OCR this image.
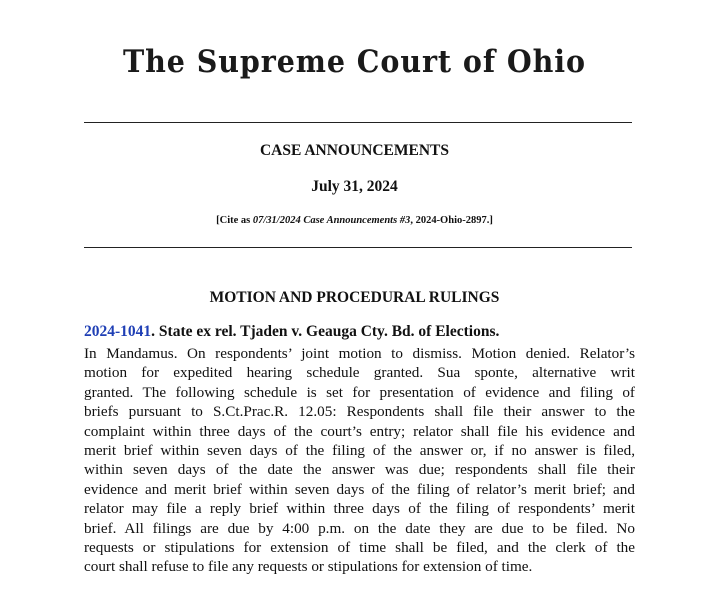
The Supreme Court of Ohio
CASE ANNOUNCEMENTS
July 31, 2024
[Cite as 07/31/2024 Case Announcements #3, 2024-Ohio-2897.]
MOTION AND PROCEDURAL RULINGS
2024-1041. State ex rel. Tjaden v. Geauga Cty. Bd. of Elections.
In Mandamus. On respondents’ joint motion to dismiss. Motion denied. Relator’s
motion for expedited hearing schedule granted. Sua sponte, alternative writ
granted. The following schedule is set for presentation of evidence and filing of
briefs pursuant to S.Ct.Prac.R. 12.05: Respondents shall file their answer to the
complaint within three days of the court’s entry; relator shall file his evidence and
merit brief within seven days of the filing of the answer or, if no answer is filed,
within seven days of the date the answer was due; respondents shall file their
evidence and merit brief within seven days of the filing of relator’s merit brief; and
relator may file a reply brief within three days of the filing of respondents’ merit
brief. All filings are due by 4:00 p.m. on the date they are due to be filed. No
requests or stipulations for extension of time shall be filed, and the clerk of the
court shall refuse to file any requests or stipulations for extension of time.
